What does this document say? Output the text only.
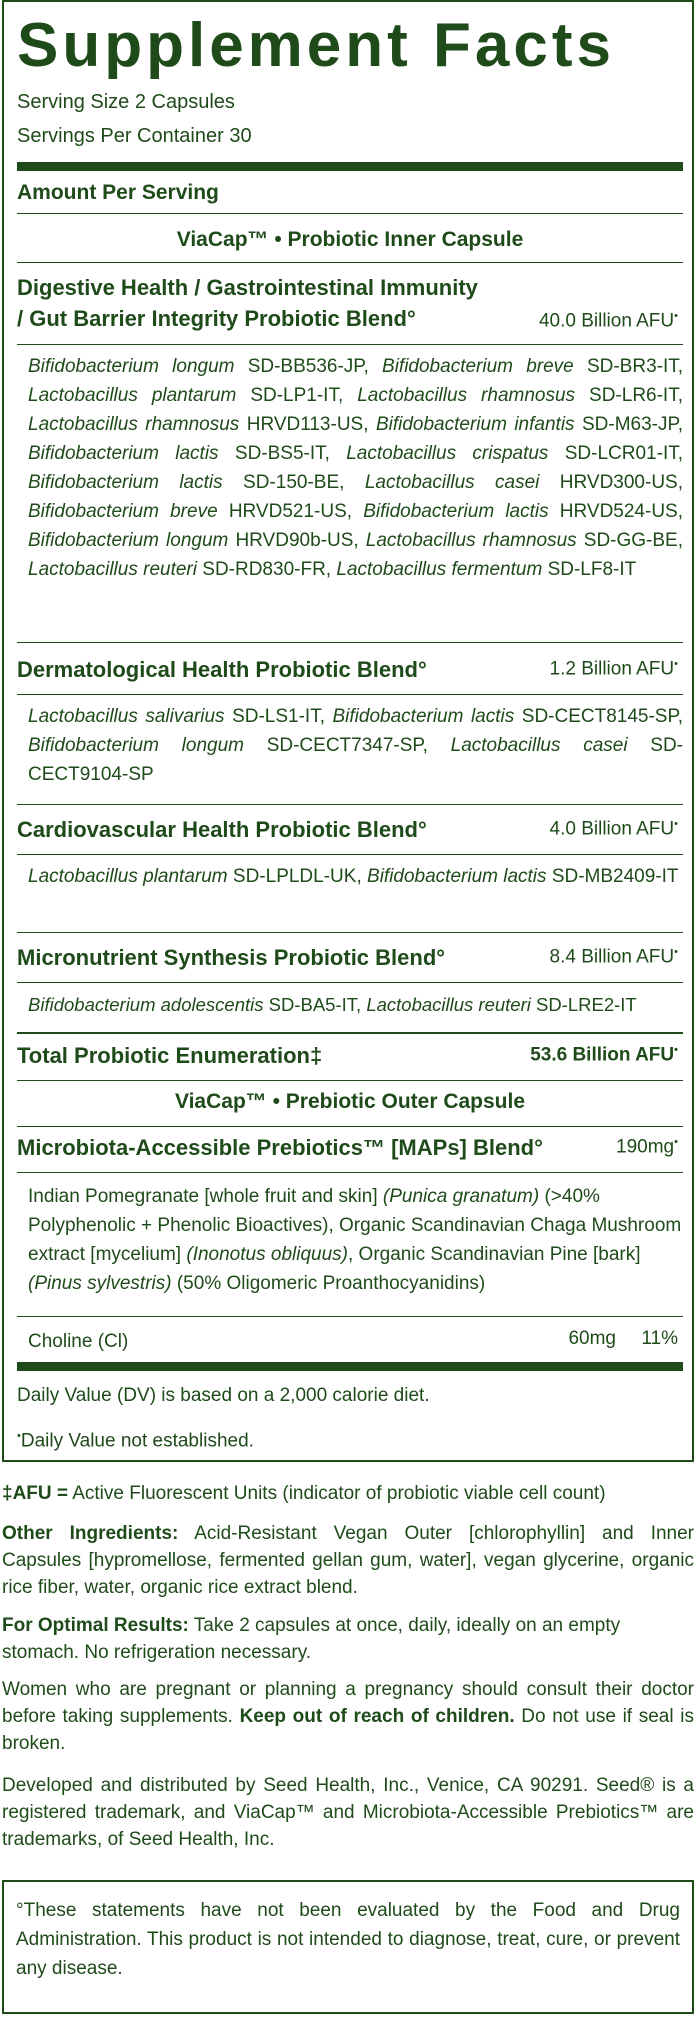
Supplement Facts
Serving Size 2 Capsules
Servings Per Container 30
Amount Per Serving
ViaCap™ • Probiotic Inner Capsule
Digestive Health / Gastrointestinal Immunity
/ Gut Barrier Integrity Probiotic Blend°	40.0 Billion AFU•
Bifidobacterium longum SD-BB536-JP, Bifidobacterium breve SD-BR3-IT, Lactobacillus plantarum SD-LP1-IT, Lactobacillus rhamnosus SD-LR6-IT, Lactobacillus rhamnosus HRVD113-US, Bifidobacterium infantis SD-M63-JP, Bifidobacterium lactis SD-BS5-IT, Lactobacillus crispatus SD-LCR01-IT, Bifidobacterium lactis SD-150-BE, Lactobacillus casei HRVD300-US, Bifidobacterium breve HRVD521-US, Bifidobacterium lactis HRVD524-US, Bifidobacterium longum HRVD90b-US, Lactobacillus rhamnosus SD-GG-BE, Lactobacillus reuteri SD-RD830-FR, Lactobacillus fermentum SD-LF8-IT
Dermatological Health Probiotic Blend°	1.2 Billion AFU•
Lactobacillus salivarius SD-LS1-IT, Bifidobacterium lactis SD-CECT8145-SP, Bifidobacterium longum SD-CECT7347-SP, Lactobacillus casei SD-CECT9104-SP
Cardiovascular Health Probiotic Blend°	4.0 Billion AFU•
Lactobacillus plantarum SD-LPLDL-UK, Bifidobacterium lactis SD-MB2409-IT
Micronutrient Synthesis Probiotic Blend°	8.4 Billion AFU•
Bifidobacterium adolescentis SD-BA5-IT, Lactobacillus reuteri SD-LRE2-IT
Total Probiotic Enumeration‡	53.6 Billion AFU•
ViaCap™ • Prebiotic Outer Capsule
Microbiota-Accessible Prebiotics™ [MAPs] Blend°	190mg•
Indian Pomegranate [whole fruit and skin] (Punica granatum) (>40% Polyphenolic + Phenolic Bioactives), Organic Scandinavian Chaga Mushroom extract [mycelium] (Inonotus obliquus), Organic Scandinavian Pine [bark] (Pinus sylvestris) (50% Oligomeric Proanthocyanidins)
Choline (Cl)	60mg 11%
Daily Value (DV) is based on a 2,000 calorie diet.
•Daily Value not established.
‡AFU = Active Fluorescent Units (indicator of probiotic viable cell count)
Other Ingredients: Acid-Resistant Vegan Outer [chlorophyllin] and Inner Capsules [hypromellose, fermented gellan gum, water], vegan glycerine, organic rice fiber, water, organic rice extract blend.
For Optimal Results: Take 2 capsules at once, daily, ideally on an empty stomach. No refrigeration necessary.
Women who are pregnant or planning a pregnancy should consult their doctor before taking supplements. Keep out of reach of children. Do not use if seal is broken.
Developed and distributed by Seed Health, Inc., Venice, CA 90291. Seed® is a registered trademark, and ViaCap™ and Microbiota-Accessible Prebiotics™ are trademarks, of Seed Health, Inc.
°These statements have not been evaluated by the Food and Drug Administration. This product is not intended to diagnose, treat, cure, or prevent any disease.
